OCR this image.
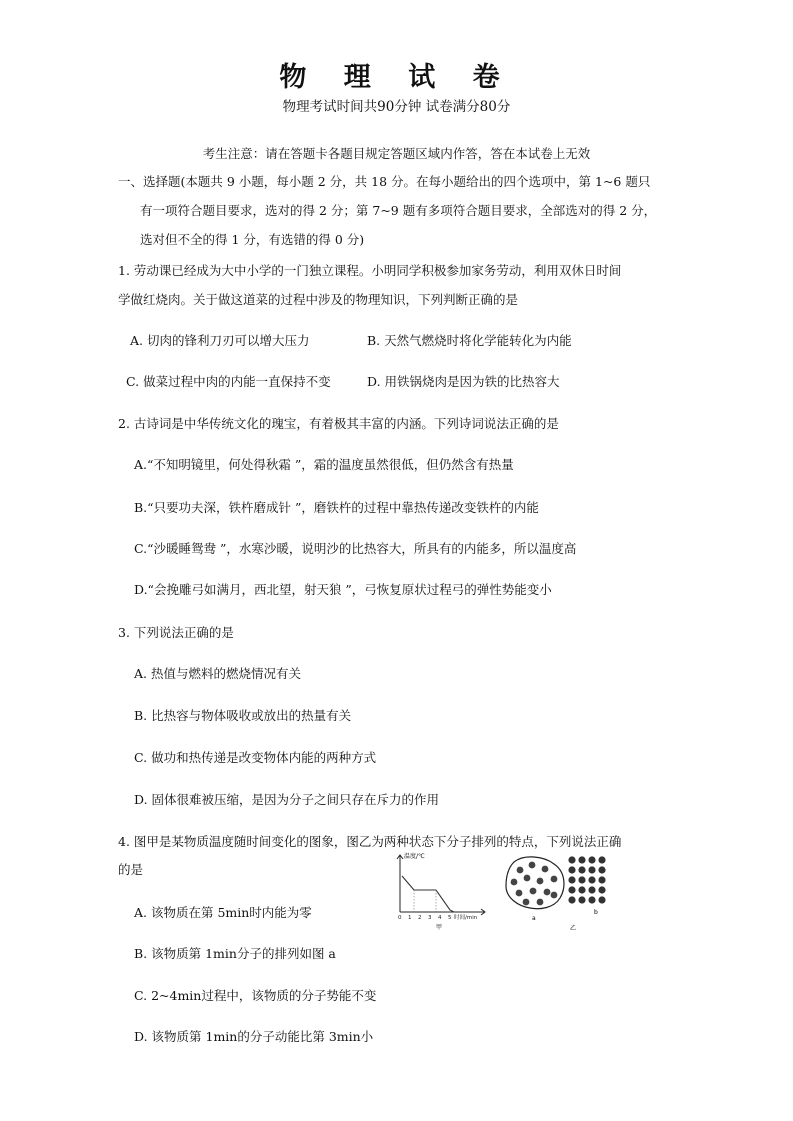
物 理 试 卷
物理考试时间共90分钟 试卷满分80分
考生注意：请在答题卡各题目规定答题区域内作答，答在本试卷上无效
一、选择题(本题共 9 小题，每小题 2 分，共 18 分。在每小题给出的四个选项中，第 1~6 题只
有一项符合题目要求，选对的得 2 分；第 7~9 题有多项符合题目要求，全部选对的得 2 分，
选对但不全的得 1 分，有选错的得 0 分)
1. 劳动课已经成为大中小学的一门独立课程。小明同学积极参加家务劳动，利用双休日时间
学做红烧肉。关于做这道菜的过程中涉及的物理知识，下列判断正确的是
A. 切肉的锋利刀刃可以增大压力	B. 天然气燃烧时将化学能转化为内能
C. 做菜过程中肉的内能一直保持不变	D. 用铁锅烧肉是因为铁的比热容大
2. 古诗词是中华传统文化的瑰宝，有着极其丰富的内涵。下列诗词说法正确的是
A.“不知明镜里，何处得秋霜 ”，霜的温度虽然很低，但仍然含有热量
B.“只要功夫深，铁杵磨成针 ”，磨铁杵的过程中靠热传递改变铁杵的内能
C.“沙暖睡鸳鸯 ”，水寒沙暖，说明沙的比热容大，所具有的内能多，所以温度高
D.“会挽雕弓如满月，西北望，射天狼 ”，弓恢复原状过程弓的弹性势能变小
3. 下列说法正确的是
A. 热值与燃料的燃烧情况有关
B. 比热容与物体吸收或放出的热量有关
C. 做功和热传递是改变物体内能的两种方式
D. 固体很难被压缩，是因为分子之间只存在斥力的作用
4. 图甲是某物质温度随时间变化的图象，图乙为两种状态下分子排列的特点，下列说法正确
的是
A. 该物质在第 5min时内能为零
B. 该物质第 1min分子的排列如图 a
C. 2~4min过程中，该物质的分子势能不变
D. 该物质第 1min的分子动能比第 3min小
温度/℃
0 1 2 3 4 5 时间/min
甲
a
b
乙
